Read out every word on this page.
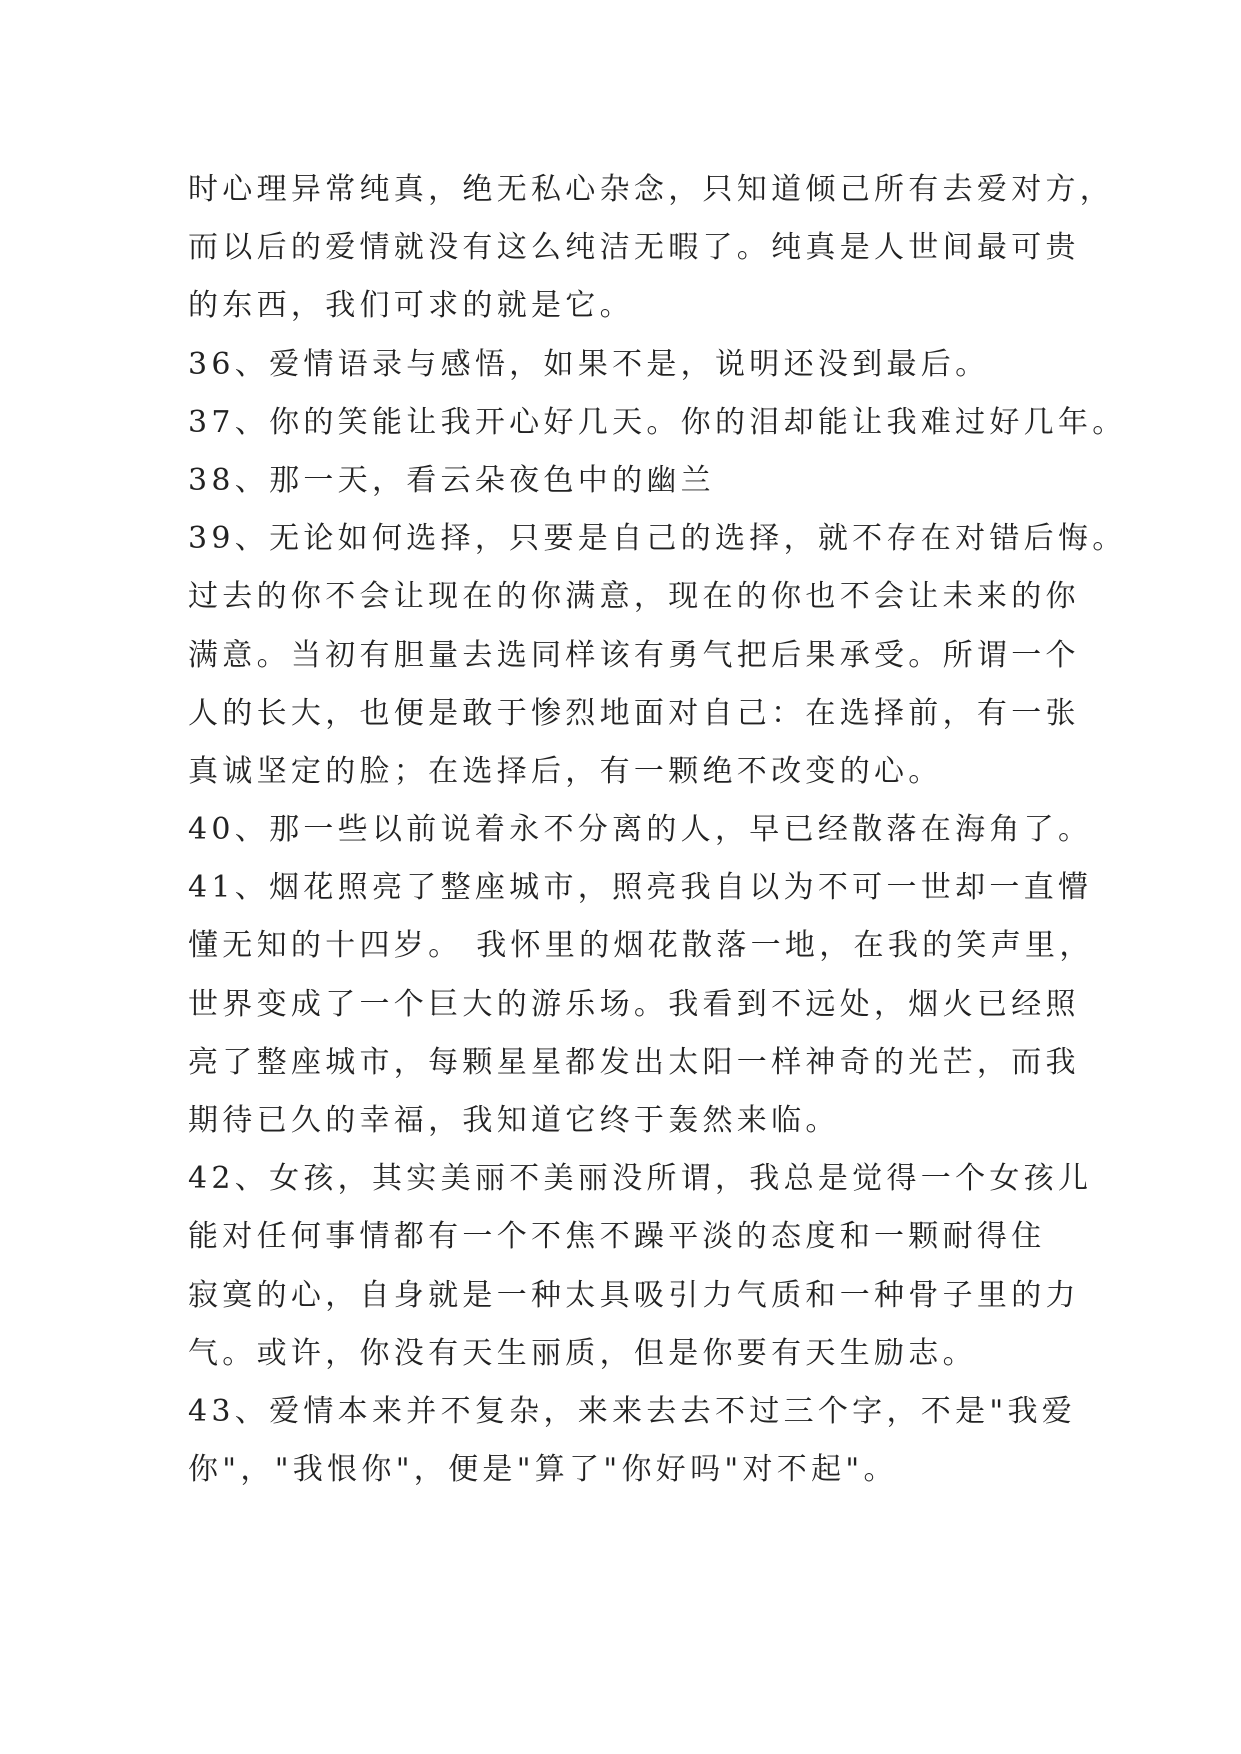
时心理异常纯真，绝无私心杂念，只知道倾己所有去爱对方，
而以后的爱情就没有这么纯洁无暇了。纯真是人世间最可贵
的东西，我们可求的就是它。
36、爱情语录与感悟，如果不是，说明还没到最后。
37、你的笑能让我开心好几天。你的泪却能让我难过好几年。
38、那一天，看云朵夜色中的幽兰
39、无论如何选择，只要是自己的选择，就不存在对错后悔。
过去的你不会让现在的你满意，现在的你也不会让未来的你
满意。当初有胆量去选同样该有勇气把后果承受。所谓一个
人的长大，也便是敢于惨烈地面对自己：在选择前，有一张
真诚坚定的脸；在选择后，有一颗绝不改变的心。
40、那一些以前说着永不分离的人，早已经散落在海角了。
41、烟花照亮了整座城市，照亮我自以为不可一世却一直懵
懂无知的十四岁。 我怀里的烟花散落一地，在我的笑声里，
世界变成了一个巨大的游乐场。我看到不远处，烟火已经照
亮了整座城市，每颗星星都发出太阳一样神奇的光芒，而我
期待已久的幸福，我知道它终于轰然来临。
42、女孩，其实美丽不美丽没所谓，我总是觉得一个女孩儿
能对任何事情都有一个不焦不躁平淡的态度和一颗耐得住
寂寞的心，自身就是一种太具吸引力气质和一种骨子里的力
气。或许，你没有天生丽质，但是你要有天生励志。
43、爱情本来并不复杂，来来去去不过三个字，不是"我爱
你"，"我恨你"，便是"算了"你好吗"对不起"。
